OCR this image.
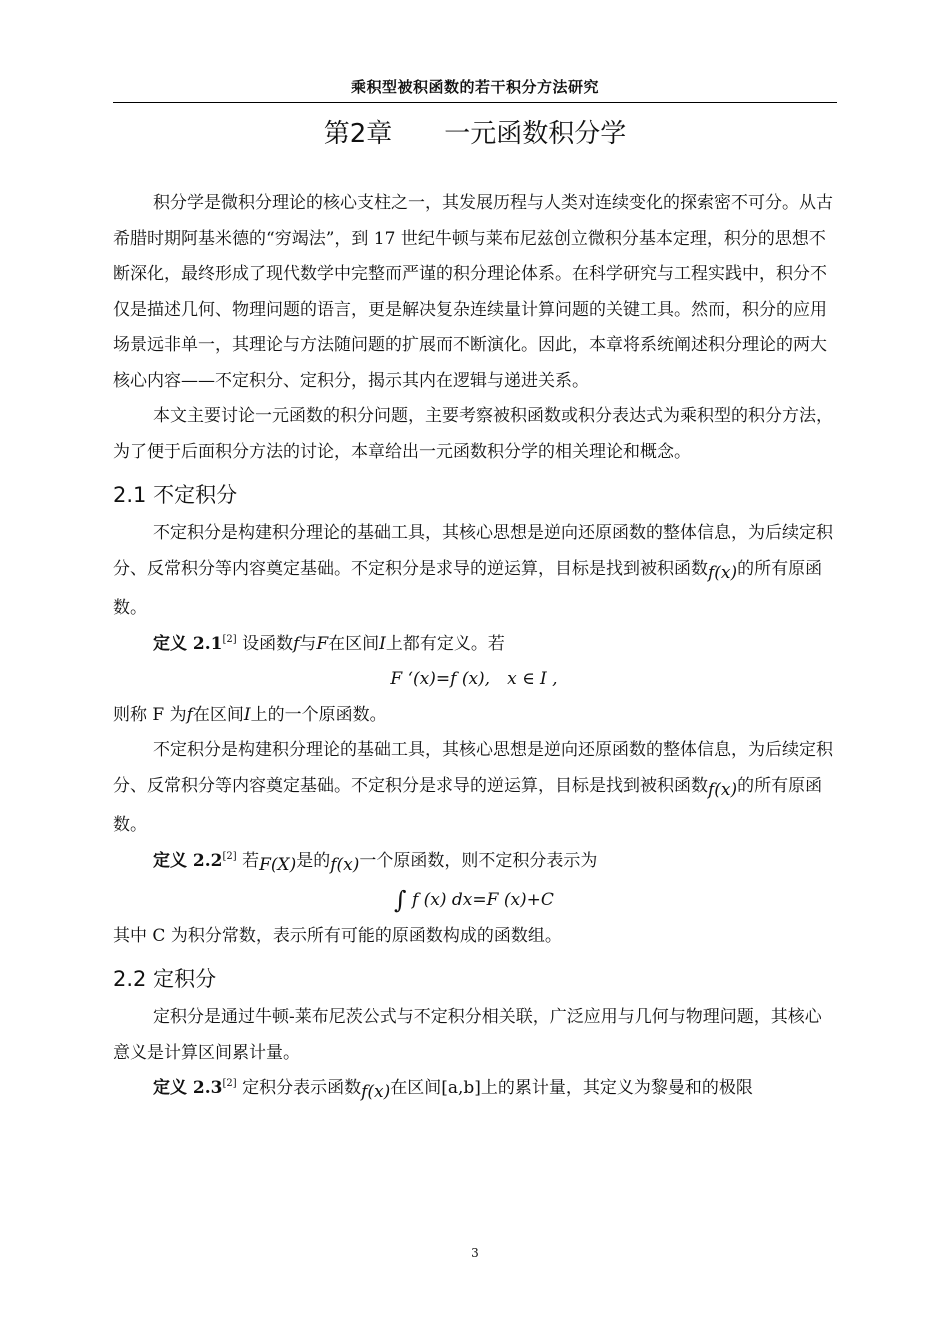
乘积型被积函数的若干积分方法研究
第2章　　一元函数积分学

积分学是微积分理论的核心支柱之一，其发展历程与人类对连续变化的探索密不可分。从古希腊时期阿基米德的“穷竭法”，到 17 世纪牛顿与莱布尼兹创立微积分基本定理，积分的思想不断深化，最终形成了现代数学中完整而严谨的积分理论体系。在科学研究与工程实践中，积分不仅是描述几何、物理问题的语言，更是解决复杂连续量计算问题的关键工具。然而，积分的应用场景远非单一，其理论与方法随问题的扩展而不断演化。因此，本章将系统阐述积分理论的两大核心内容——不定积分、定积分，揭示其内在逻辑与递进关系。

本文主要讨论一元函数的积分问题，主要考察被积函数或积分表达式为乘积型的积分方法，为了便于后面积分方法的讨论，本章给出一元函数积分学的相关理论和概念。

2.1 不定积分

不定积分是构建积分理论的基础工具，其核心思想是逆向还原函数的整体信息，为后续定积分、反常积分等内容奠定基础。不定积分是求导的逆运算，目标是找到被积函数f(x)的所有原函数。

定义 2.1[2] 设函数f与F在区间I上都有定义。若

F ‘(x)=f (x),　x ∈ I ,

则称 F 为f在区间I上的一个原函数。

不定积分是构建积分理论的基础工具，其核心思想是逆向还原函数的整体信息，为后续定积分、反常积分等内容奠定基础。不定积分是求导的逆运算，目标是找到被积函数f(x)的所有原函数。

定义 2.2[2] 若F(X)是的f(x)一个原函数，则不定积分表示为

∫ f (x) dx=F (x)+C

其中 C 为积分常数，表示所有可能的原函数构成的函数组。

2.2 定积分

定积分是通过牛顿-莱布尼茨公式与不定积分相关联，广泛应用与几何与物理问题，其核心意义是计算区间累计量。

定义 2.3[2] 定积分表示函数f(x)在区间[a,b]上的累计量，其定义为黎曼和的极限

3
